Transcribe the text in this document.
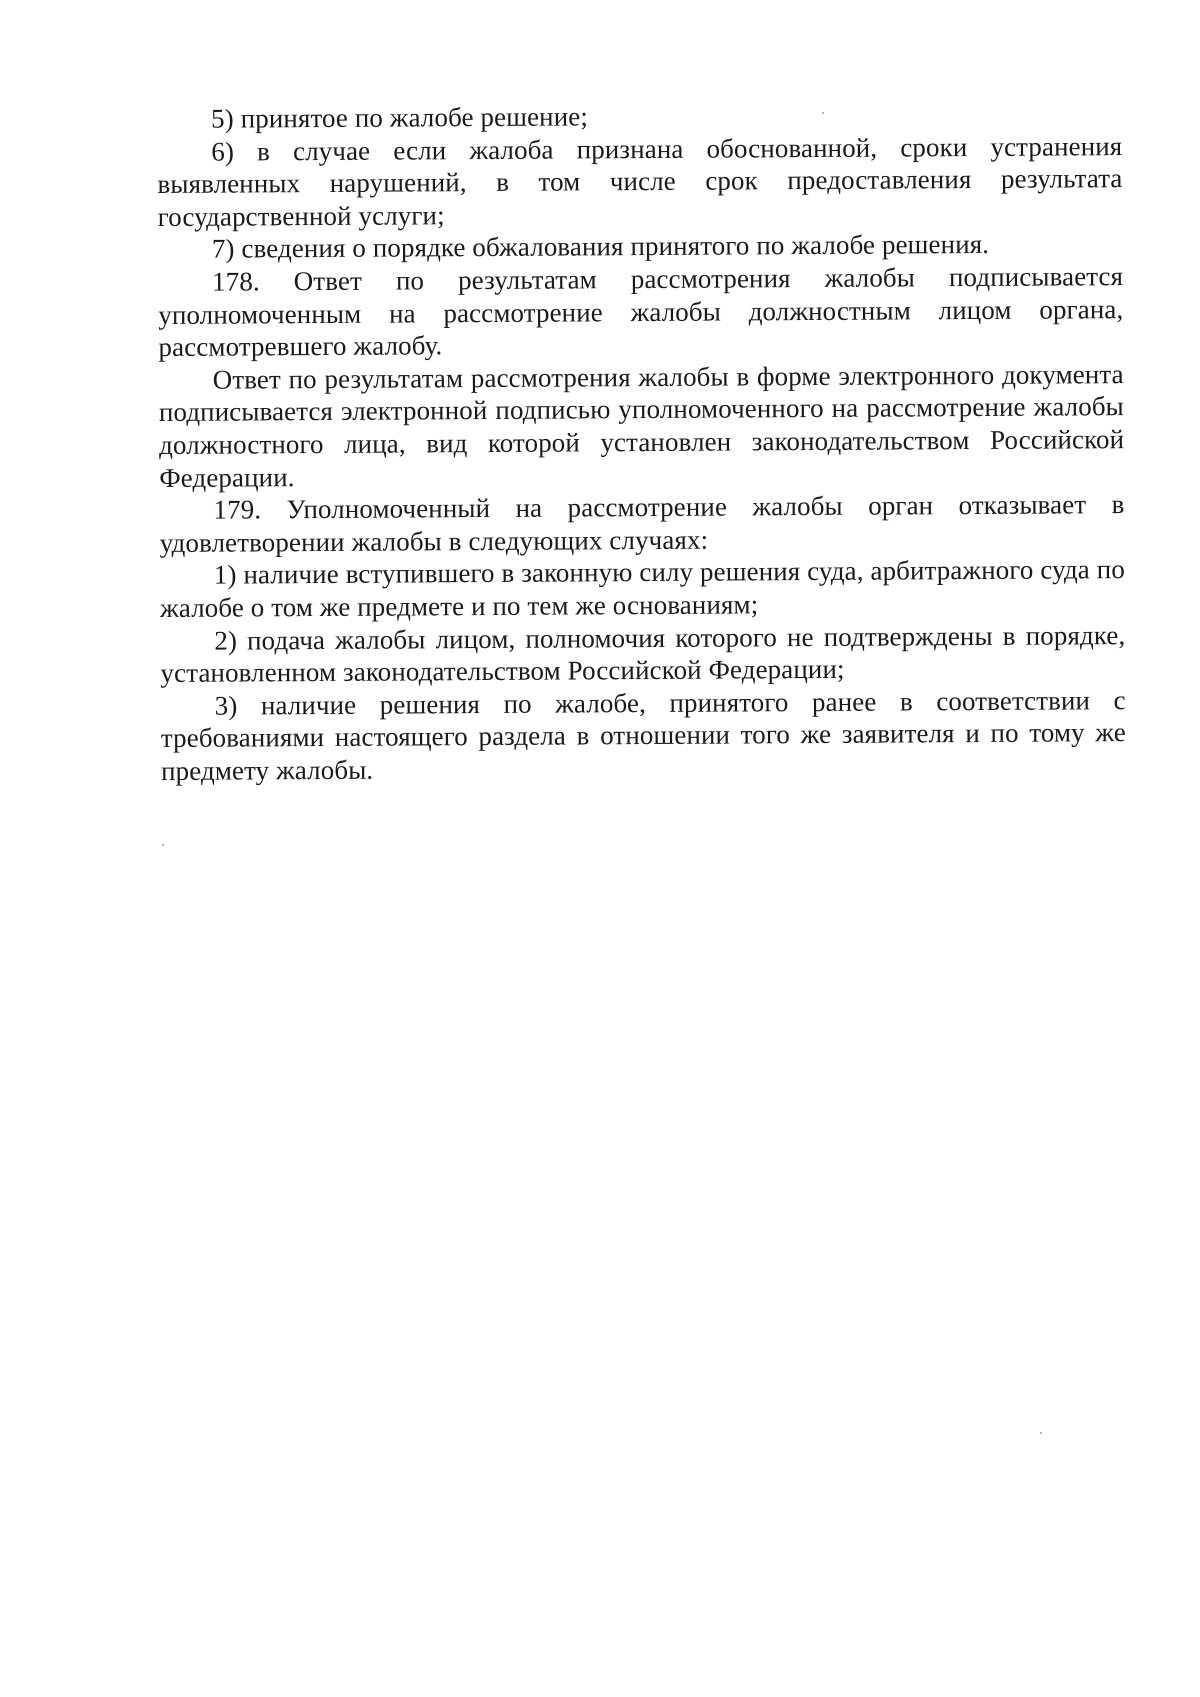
5) принятое по жалобе решение;

6) в случае если жалоба признана обоснованной, сроки устранения выявленных нарушений, в том числе срок предоставления результата государственной услуги;

7) сведения о порядке обжалования принятого по жалобе решения.

178. Ответ по результатам рассмотрения жалобы подписывается уполномоченным на рассмотрение жалобы должностным лицом органа, рассмотревшего жалобу.

Ответ по результатам рассмотрения жалобы в форме электронного документа подписывается электронной подписью уполномоченного на рассмотрение жалобы должностного лица, вид которой установлен законодательством Российской Федерации.

179. Уполномоченный на рассмотрение жалобы орган отказывает в удовлетворении жалобы в следующих случаях:

1) наличие вступившего в законную силу решения суда, арбитражного суда по жалобе о том же предмете и по тем же основаниям;

2) подача жалобы лицом, полномочия которого не подтверждены в порядке, установленном законодательством Российской Федерации;

3) наличие решения по жалобе, принятого ранее в соответствии с требованиями настоящего раздела в отношении того же заявителя и по тому же предмету жалобы.
